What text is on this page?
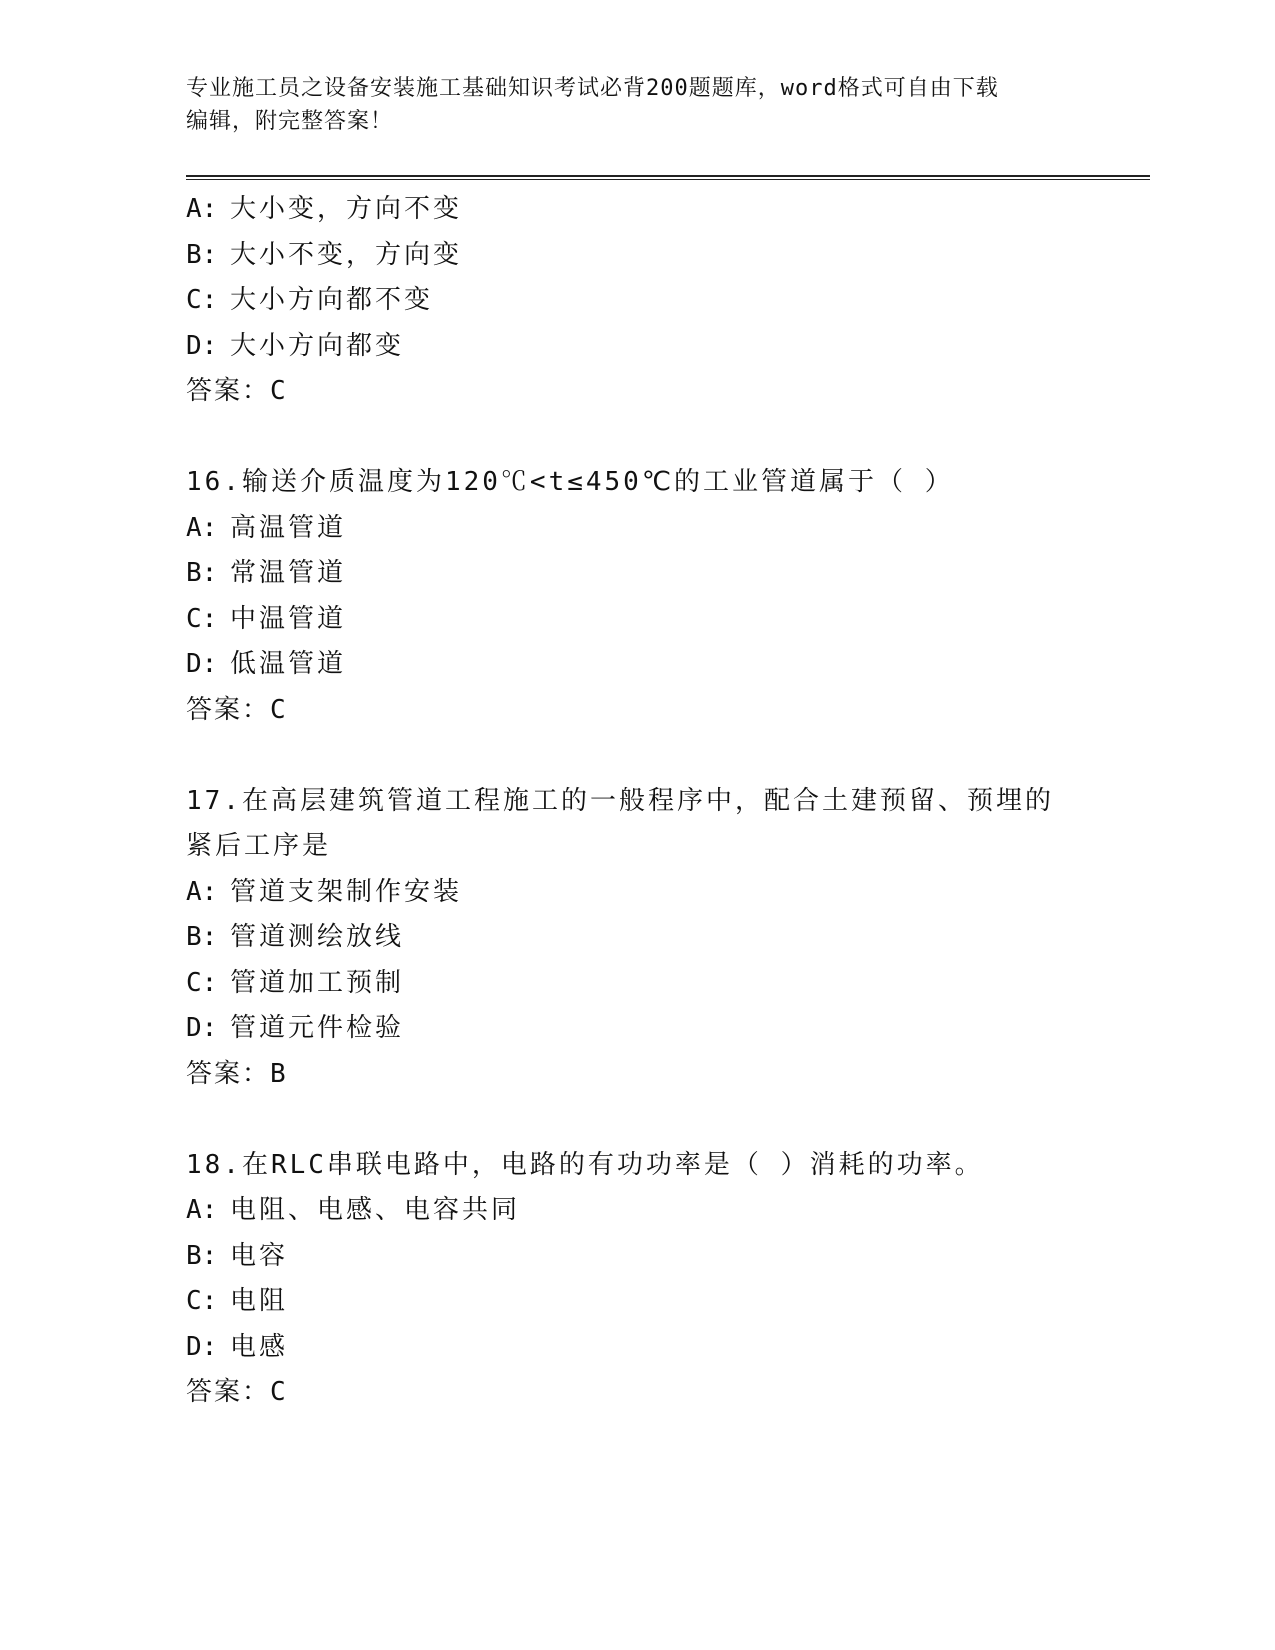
专业施工员之设备安装施工基础知识考试必背200题题库，word格式可自由下载
编辑，附完整答案！
A: 大小变，方向不变
B: 大小不变，方向变
C: 大小方向都不变
D: 大小方向都变
答案：C
16.输送介质温度为120℃<t≤450℃的工业管道属于（ ）
A: 高温管道
B: 常温管道
C: 中温管道
D: 低温管道
答案：C
17.在高层建筑管道工程施工的一般程序中，配合土建预留、预埋的紧后工序是
A: 管道支架制作安装
B: 管道测绘放线
C: 管道加工预制
D: 管道元件检验
答案：B
18.在RLC串联电路中，电路的有功功率是（ ）消耗的功率。
A: 电阻、电感、电容共同
B: 电容
C: 电阻
D: 电感
答案：C
